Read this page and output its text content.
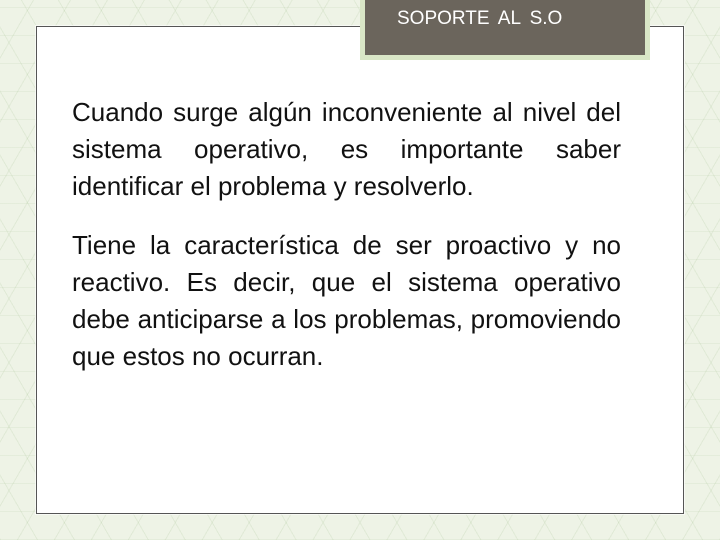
SOPORTE AL S.O

Cuando surge algún inconveniente al nivel del sistema operativo, es importante saber identificar el problema y resolverlo.

Tiene la característica de ser proactivo y no reactivo. Es decir, que el sistema operativo debe anticiparse a los problemas, promoviendo que estos no ocurran.
